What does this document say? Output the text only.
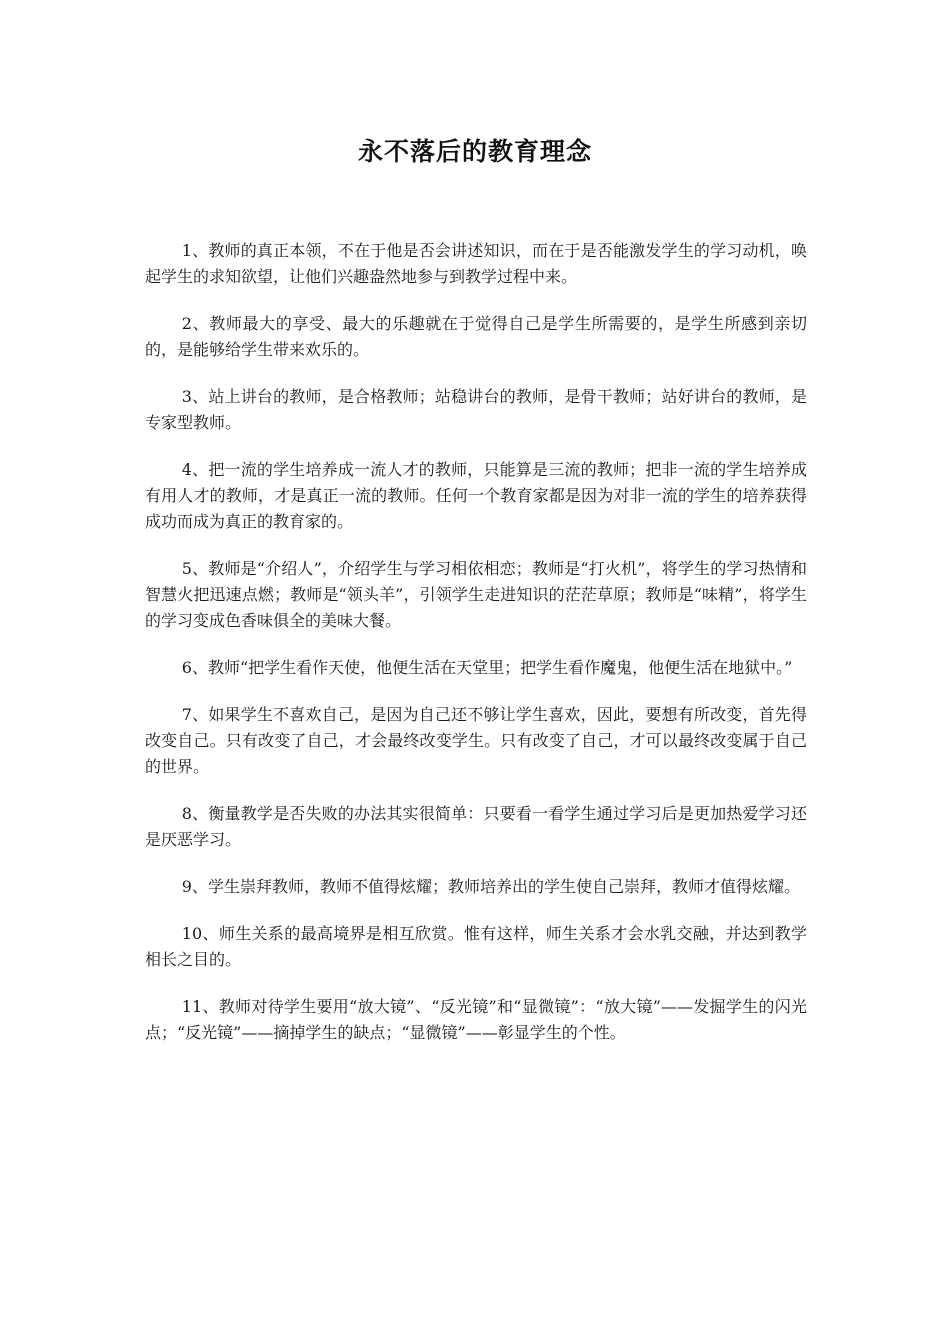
永不落后的教育理念

1、教师的真正本领，不在于他是否会讲述知识，而在于是否能激发学生的学习动机，唤起学生的求知欲望，让他们兴趣盎然地参与到教学过程中来。

2、教师最大的享受、最大的乐趣就在于觉得自己是学生所需要的，是学生所感到亲切的，是能够给学生带来欢乐的。

3、站上讲台的教师，是合格教师；站稳讲台的教师，是骨干教师；站好讲台的教师，是专家型教师。

4、把一流的学生培养成一流人才的教师，只能算是三流的教师；把非一流的学生培养成有用人才的教师，才是真正一流的教师。任何一个教育家都是因为对非一流的学生的培养获得成功而成为真正的教育家的。

5、教师是“介绍人”，介绍学生与学习相依相恋；教师是“打火机”，将学生的学习热情和智慧火把迅速点燃；教师是“领头羊”，引领学生走进知识的茫茫草原；教师是“味精”，将学生的学习变成色香味俱全的美味大餐。

6、教师“把学生看作天使，他便生活在天堂里；把学生看作魔鬼，他便生活在地狱中。”

7、如果学生不喜欢自己，是因为自己还不够让学生喜欢，因此，要想有所改变，首先得改变自己。只有改变了自己，才会最终改变学生。只有改变了自己，才可以最终改变属于自己的世界。

8、衡量教学是否失败的办法其实很简单：只要看一看学生通过学习后是更加热爱学习还是厌恶学习。

9、学生崇拜教师，教师不值得炫耀；教师培养出的学生使自己崇拜，教师才值得炫耀。

10、师生关系的最高境界是相互欣赏。惟有这样，师生关系才会水乳交融，并达到教学相长之目的。

11、教师对待学生要用“放大镜”、“反光镜”和“显微镜”：“放大镜”——发掘学生的闪光点；“反光镜”——摘掉学生的缺点；“显微镜”——彰显学生的个性。
